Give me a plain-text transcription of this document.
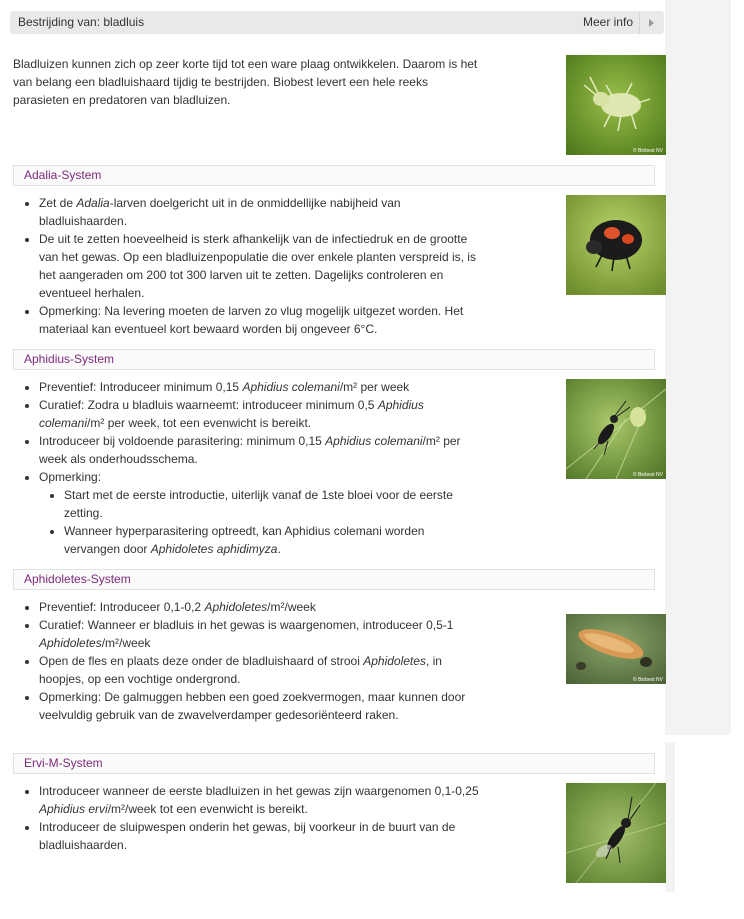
Bestrijding van: bladluis	Meer info
Bladluizen kunnen zich op zeer korte tijd tot een ware plaag ontwikkelen. Daarom is het van belang een bladluishaard tijdig te bestrijden. Biobest levert een hele reeks parasieten en predatoren van bladluizen.
© Biobest NV
Adalia-System
• Zet de Adalia-larven doelgericht uit in de onmiddellijke nabijheid van bladluishaarden.
• De uit te zetten hoeveelheid is sterk afhankelijk van de infectiedruk en de grootte van het gewas. Op een bladluizenpopulatie die over enkele planten verspreid is, is het aangeraden om 200 tot 300 larven uit te zetten. Dagelijks controleren en eventueel herhalen.
• Opmerking: Na levering moeten de larven zo vlug mogelijk uitgezet worden. Het materiaal kan eventueel kort bewaard worden bij ongeveer 6°C.
Aphidius-System
• Preventief: Introduceer minimum 0,15 Aphidius colemani/m² per week
• Curatief: Zodra u bladluis waarneemt: introduceer minimum 0,5 Aphidius colemani/m² per week, tot een evenwicht is bereikt.
• Introduceer bij voldoende parasitering: minimum 0,15 Aphidius colemani/m² per week als onderhoudsschema.
• Opmerking:
• Start met de eerste introductie, uiterlijk vanaf de 1ste bloei voor de eerste zetting.
• Wanneer hyperparasitering optreedt, kan Aphidius colemani worden vervangen door Aphidoletes aphidimyza.
© Biobest NV
Aphidoletes-System
• Preventief: Introduceer 0,1-0,2 Aphidoletes/m²/week
• Curatief: Wanneer er bladluis in het gewas is waargenomen, introduceer 0,5-1 Aphidoletes/m²/week
• Open de fles en plaats deze onder de bladluishaard of strooi Aphidoletes, in hoopjes, op een vochtige ondergrond.
• Opmerking: De galmuggen hebben een goed zoekvermogen, maar kunnen door veelvuldig gebruik van de zwavelverdamper gedesoriënteerd raken.
© Biobest NV
Ervi-M-System
• Introduceer wanneer de eerste bladluizen in het gewas zijn waargenomen 0,1-0,25 Aphidius ervi/m²/week tot een evenwicht is bereikt.
• Introduceer de sluipwespen onderin het gewas, bij voorkeur in de buurt van de bladluishaarden.
